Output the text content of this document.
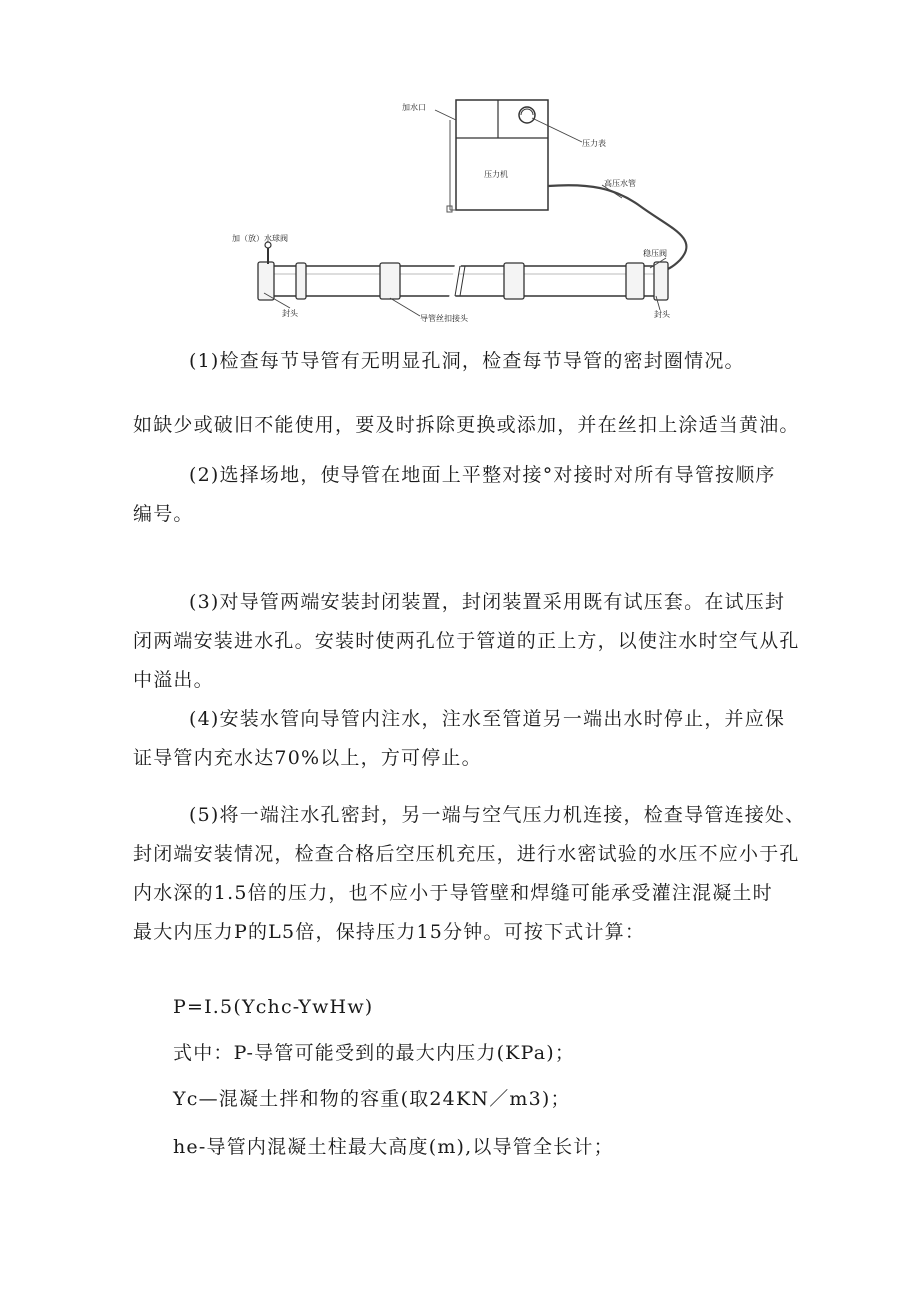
加水口
压力表
压力机
高压水管
加（放）水球阀
稳压阀
封头
导管丝扣接头	封头
(1)检查每节导管有无明显孔洞，检查每节导管的密封圈情况。
如缺少或破旧不能使用，要及时拆除更换或添加，并在丝扣上涂适当黄油。
(2)选择场地，使导管在地面上平整对接°对接时对所有导管按顺序
编号。
(3)对导管两端安装封闭装置，封闭装置采用既有试压套。在试压封
闭两端安装进水孔。安装时使两孔位于管道的正上方，以使注水时空气从孔
中溢出。
(4)安装水管向导管内注水，注水至管道另一端出水时停止，并应保
证导管内充水达70%以上，方可停止。
(5)将一端注水孔密封，另一端与空气压力机连接，检查导管连接处、
封闭端安装情况，检查合格后空压机充压，进行水密试验的水压不应小于孔
内水深的1.5倍的压力，也不应小于导管壁和焊缝可能承受灌注混凝土时
最大内压力P的L5倍，保持压力15分钟。可按下式计算：
P=I.5(Ychc-YwHw)
式中：P-导管可能受到的最大内压力(KPa)；
Yc—混凝土拌和物的容重(取24KN／m3)；
he-导管内混凝土柱最大高度(m),以导管全长计；
